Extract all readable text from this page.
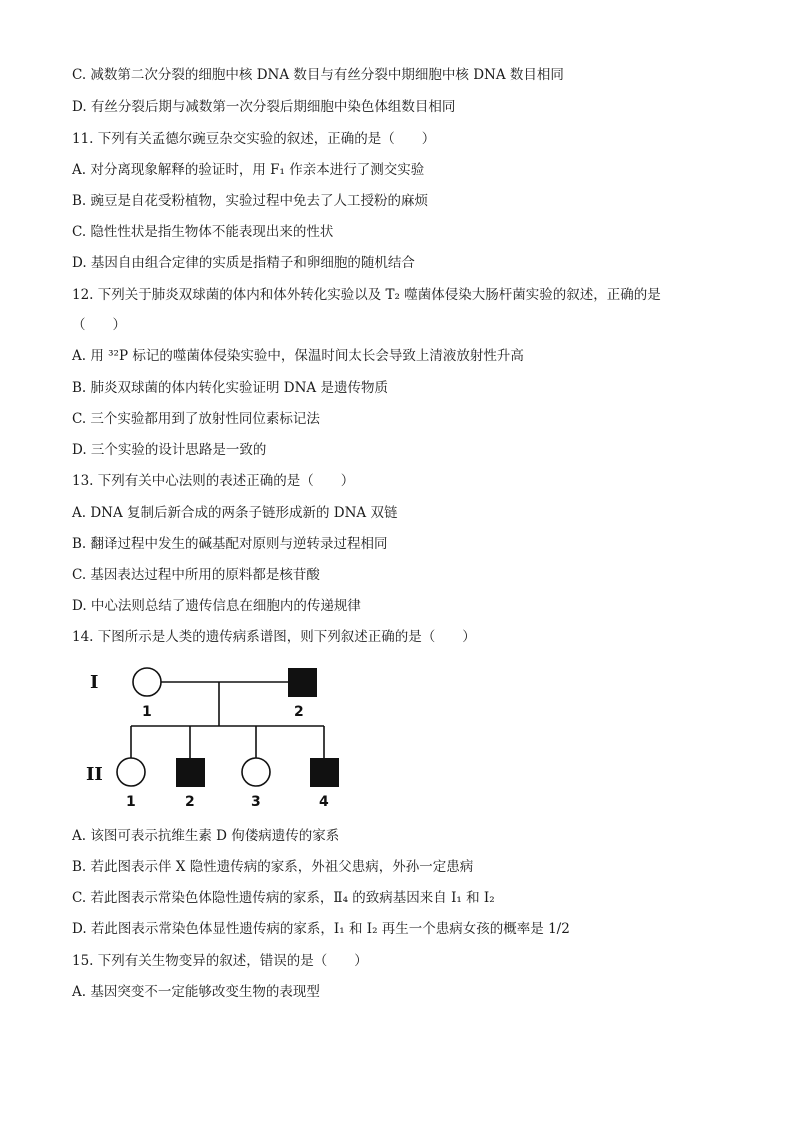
C. 减数第二次分裂的细胞中核 DNA 数目与有丝分裂中期细胞中核 DNA 数目相同
D. 有丝分裂后期与减数第一次分裂后期细胞中染色体组数目相同
11. 下列有关孟德尔豌豆杂交实验的叙述，正确的是（　　）
A. 对分离现象解释的验证时，用 F₁ 作亲本进行了测交实验
B. 豌豆是自花受粉植物，实验过程中免去了人工授粉的麻烦
C. 隐性性状是指生物体不能表现出来的性状
D. 基因自由组合定律的实质是指精子和卵细胞的随机结合
12. 下列关于肺炎双球菌的体内和体外转化实验以及 T₂ 噬菌体侵染大肠杆菌实验的叙述，正确的是
（　　）
A. 用 ³²P 标记的噬菌体侵染实验中，保温时间太长会导致上清液放射性升高
B. 肺炎双球菌的体内转化实验证明 DNA 是遗传物质
C. 三个实验都用到了放射性同位素标记法
D. 三个实验的设计思路是一致的
13. 下列有关中心法则的表述正确的是（　　）
A. DNA 复制后新合成的两条子链形成新的 DNA 双链
B. 翻译过程中发生的碱基配对原则与逆转录过程相同
C. 基因表达过程中所用的原料都是核苷酸
D. 中心法则总结了遗传信息在细胞内的传递规律
14. 下图所示是人类的遗传病系谱图，则下列叙述正确的是（　　）
I
II
1	2
1	2	3	4
A. 该图可表示抗维生素 D 佝偻病遗传的家系
B. 若此图表示伴 X 隐性遗传病的家系，外祖父患病，外孙一定患病
C. 若此图表示常染色体隐性遗传病的家系，Ⅱ₄ 的致病基因来自 Ⅰ₁ 和 Ⅰ₂
D. 若此图表示常染色体显性遗传病的家系，Ⅰ₁ 和 Ⅰ₂ 再生一个患病女孩的概率是 1/2
15. 下列有关生物变异的叙述，错误的是（　　）
A. 基因突变不一定能够改变生物的表现型
